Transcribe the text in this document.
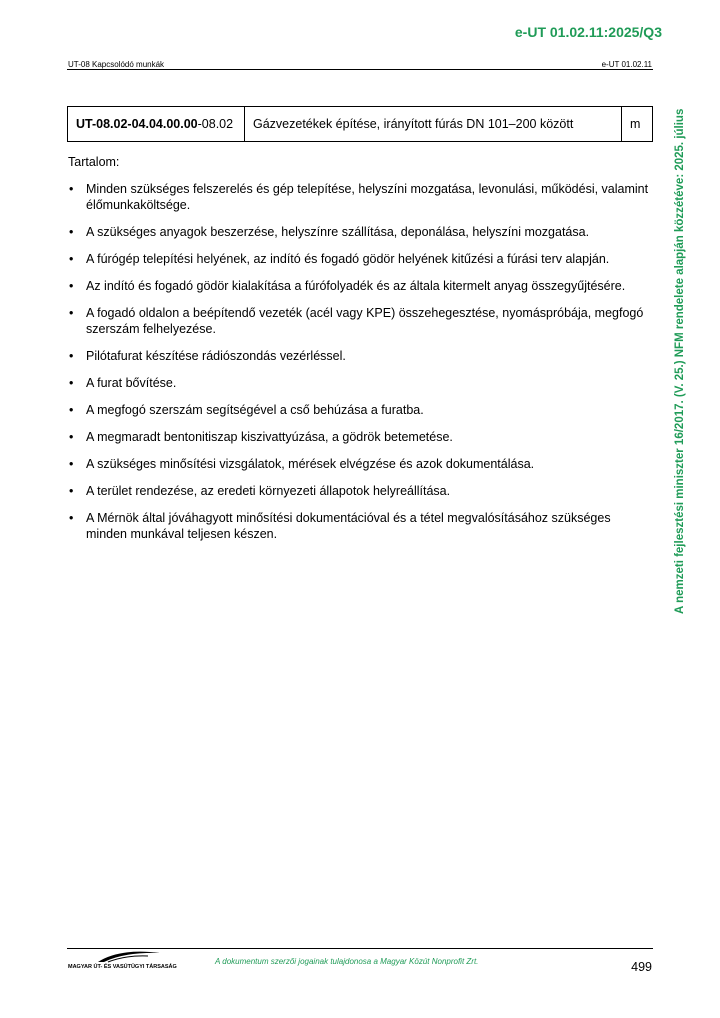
e-UT 01.02.11:2025/Q3
UT-08 Kapcsolódó munkák	e-UT 01.02.11
UT-08.02-04.04.00.00-08.02	Gázvezetékek építése, irányított fúrás DN 101–200 között	m
Tartalom:
• Minden szükséges felszerelés és gép telepítése, helyszíni mozgatása, levonulási, működési, valamint élőmunkaköltsége.
• A szükséges anyagok beszerzése, helyszínre szállítása, deponálása, helyszíni mozgatása.
• A fúrógép telepítési helyének, az indító és fogadó gödör helyének kitűzési a fúrási terv alapján.
• Az indító és fogadó gödör kialakítása a fúrófolyadék és az általa kitermelt anyag összegyűjtésére.
• A fogadó oldalon a beépítendő vezeték (acél vagy KPE) összehegesztése, nyomáspróbája, megfogó szerszám felhelyezése.
• Pilótafurat készítése rádiószondás vezérléssel.
• A furat bővítése.
• A megfogó szerszám segítségével a cső behúzása a furatba.
• A megmaradt bentonitiszap kiszivattyúzása, a gödrök betemetése.
• A szükséges minősítési vizsgálatok, mérések elvégzése és azok dokumentálása.
• A terület rendezése, az eredeti környezeti állapotok helyreállítása.
• A Mérnök által jóváhagyott minősítési dokumentációval és a tétel megvalósításához szükséges minden munkával teljesen készen.	A nemzeti fejlesztési miniszter 16/2017. (V. 25.) NFM rendelete alapján közzétéve: 2025. július
MAGYAR ÚT- ÉS VASÚTÜGYI TÁRSASÁG
A dokumentum szerzői jogainak tulajdonosa a Magyar Közút Nonprofit Zrt.	499
